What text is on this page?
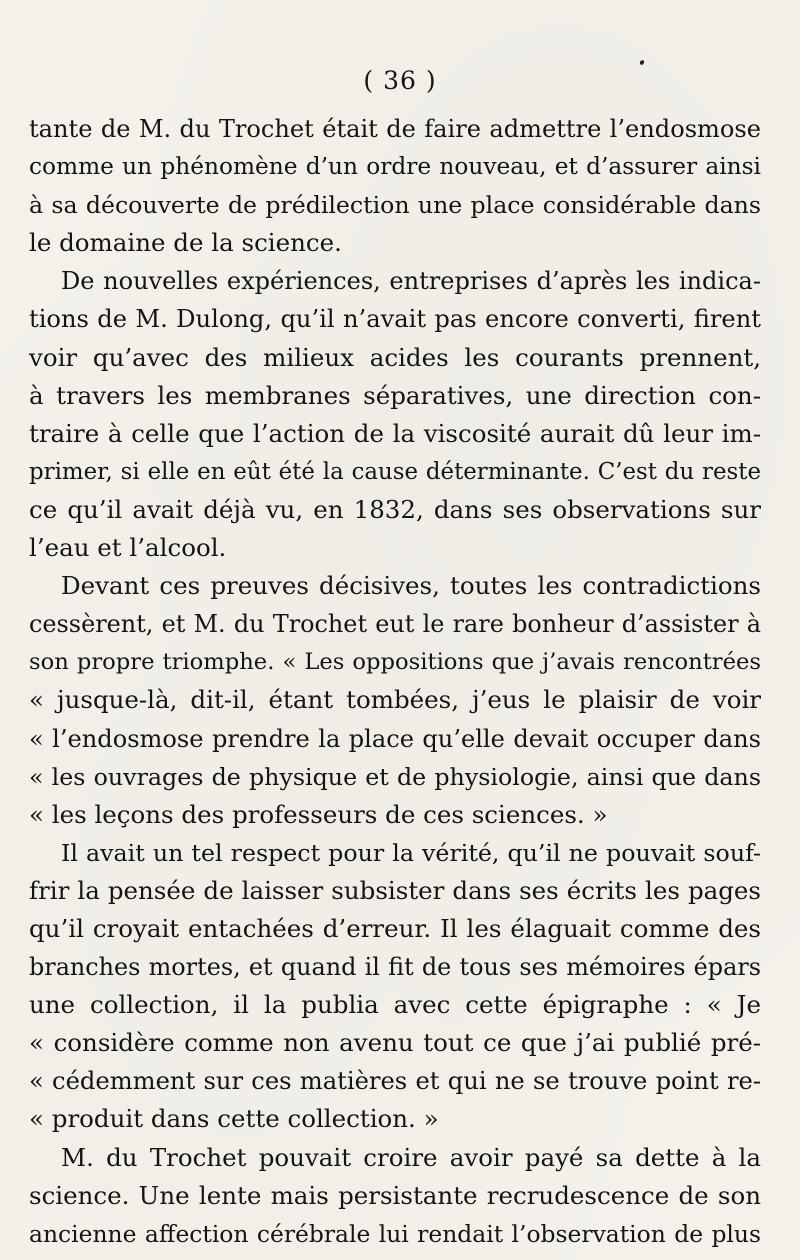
( 36 )
tante de M. du Trochet était de faire admettre l’endosmose
comme un phénomène d’un ordre nouveau, et d’assurer ainsi
à sa découverte de prédilection une place considérable dans
le domaine de la science.
De nouvelles expériences, entreprises d’après les indica-
tions de M. Dulong, qu’il n’avait pas encore converti, firent
voir qu’avec des milieux acides les courants prennent,
à travers les membranes séparatives, une direction con-
traire à celle que l’action de la viscosité aurait dû leur im-
primer, si elle en eût été la cause déterminante. C’est du reste
ce qu’il avait déjà vu, en 1832, dans ses observations sur
l’eau et l’alcool.
Devant ces preuves décisives, toutes les contradictions
cessèrent, et M. du Trochet eut le rare bonheur d’assister à
son propre triomphe. « Les oppositions que j’avais rencontrées
« jusque-là, dit-il, étant tombées, j’eus le plaisir de voir
« l’endosmose prendre la place qu’elle devait occuper dans
« les ouvrages de physique et de physiologie, ainsi que dans
« les leçons des professeurs de ces sciences. »
Il avait un tel respect pour la vérité, qu’il ne pouvait souf-
frir la pensée de laisser subsister dans ses écrits les pages
qu’il croyait entachées d’erreur. Il les élaguait comme des
branches mortes, et quand il fit de tous ses mémoires épars
une collection, il la publia avec cette épigraphe : « Je
« considère comme non avenu tout ce que j’ai publié pré-
« cédemment sur ces matières et qui ne se trouve point re-
« produit dans cette collection. »
M. du Trochet pouvait croire avoir payé sa dette à la
science. Une lente mais persistante recrudescence de son
ancienne affection cérébrale lui rendait l’observation de plus
